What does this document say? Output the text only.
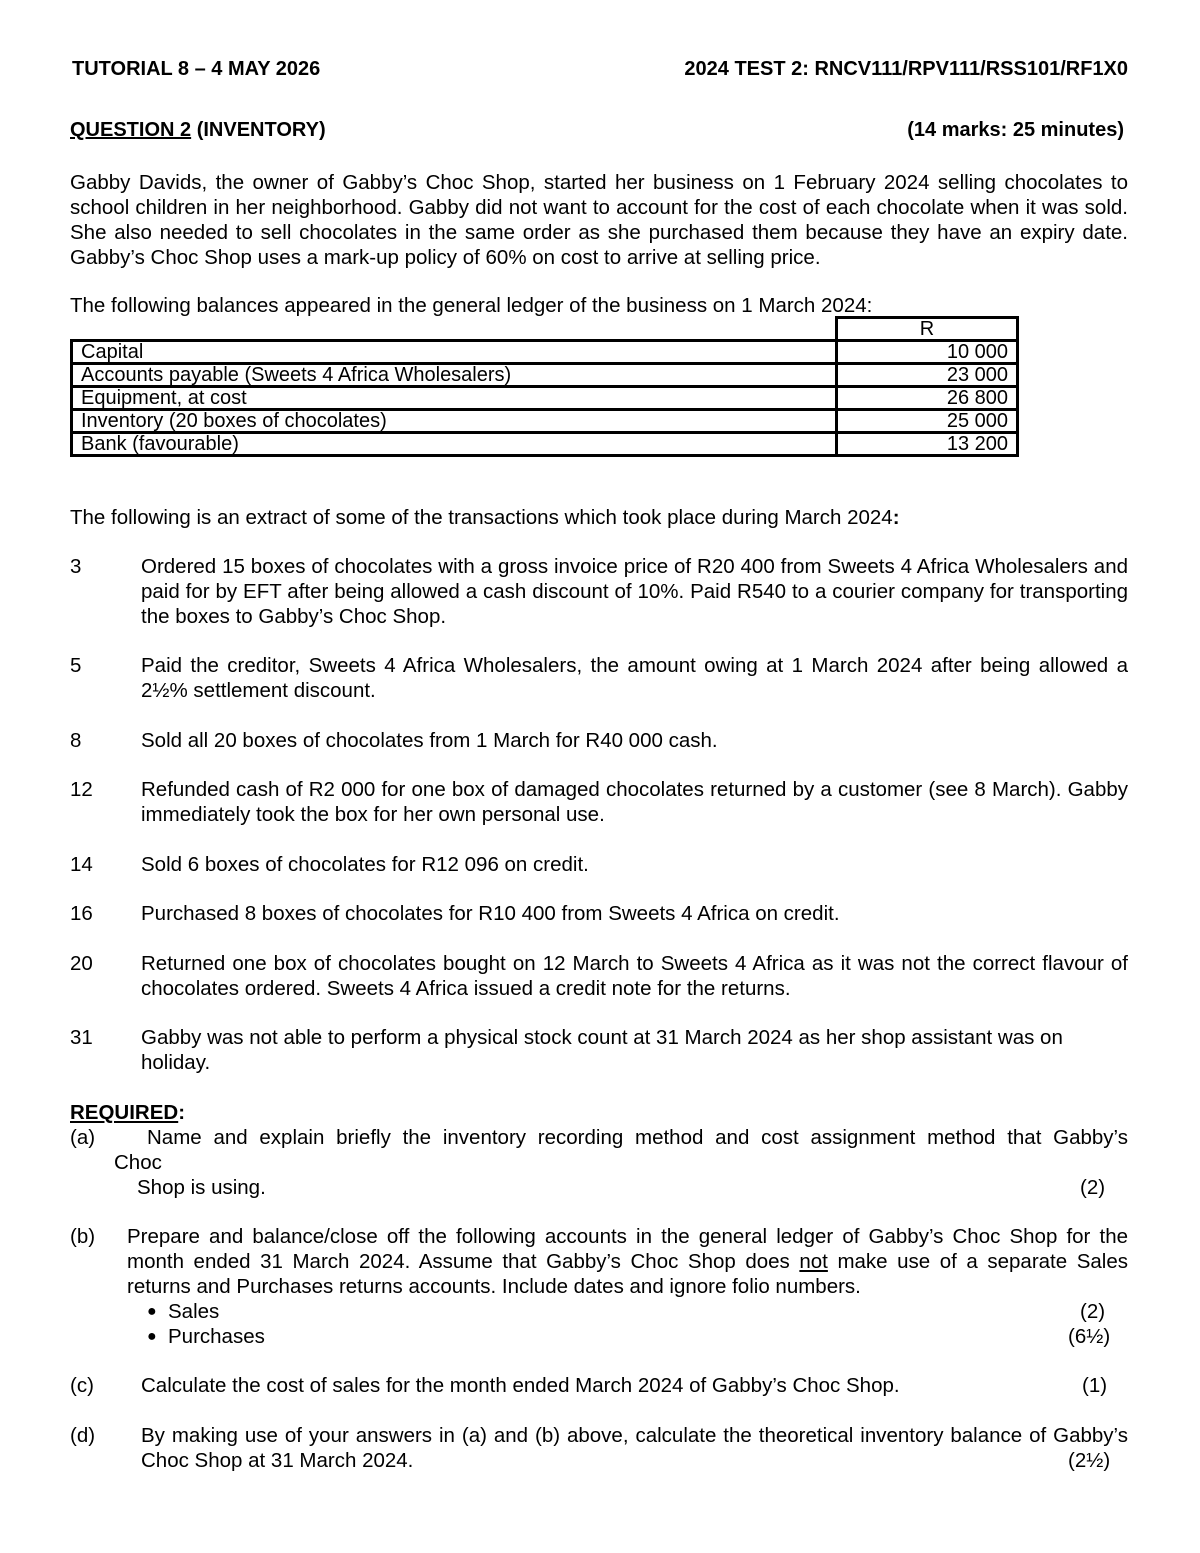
TUTORIAL 8 – 4 MAY 2026	2024 TEST 2: RNCV111/RPV111/RSS101/RF1X0
QUESTION 2 (INVENTORY)	(14 marks: 25 minutes)
Gabby Davids, the owner of Gabby’s Choc Shop, started her business on 1 February 2024 selling chocolates to school children in her neighborhood. Gabby did not want to account for the cost of each chocolate when it was sold. She also needed to sell chocolates in the same order as she purchased them because they have an expiry date. Gabby’s Choc Shop uses a mark-up policy of 60% on cost to arrive at selling price.
The following balances appeared in the general ledger of the business on 1 March 2024:
	R
Capital	10 000
Accounts payable (Sweets 4 Africa Wholesalers)	23 000
Equipment, at cost	26 800
Inventory (20 boxes of chocolates)	25 000
Bank (favourable)	13 200
The following is an extract of some of the transactions which took place during March 2024:
3	Ordered 15 boxes of chocolates with a gross invoice price of R20 400 from Sweets 4 Africa Wholesalers and paid for by EFT after being allowed a cash discount of 10%. Paid R540 to a courier company for transporting the boxes to Gabby’s Choc Shop.
5	Paid the creditor, Sweets 4 Africa Wholesalers, the amount owing at 1 March 2024 after being allowed a 2½% settlement discount.
8	Sold all 20 boxes of chocolates from 1 March for R40 000 cash.
12 Refunded cash of R2 000 for one box of damaged chocolates returned by a customer (see 8 March). Gabby immediately took the box for her own personal use.
14 Sold 6 boxes of chocolates for R12 096 on credit.
16 Purchased 8 boxes of chocolates for R10 400 from Sweets 4 Africa on credit.
20 Returned one box of chocolates bought on 12 March to Sweets 4 Africa as it was not the correct flavour of chocolates ordered. Sweets 4 Africa issued a credit note for the returns.
31 Gabby was not able to perform a physical stock count at 31 March 2024 as her shop assistant was on holiday.
REQUIRED:
(a)	Name and explain briefly the inventory recording method and cost assignment method that Gabby’s
Choc
Shop is using.	(2)
(b) Prepare and balance/close off the following accounts in the general ledger of Gabby’s Choc Shop for the month ended 31 March 2024. Assume that Gabby’s Choc Shop does not make use of a separate Sales returns and Purchases returns accounts. Include dates and ignore folio numbers.
● Sales	(2)
● Purchases	(6½)
(c) Calculate the cost of sales for the month ended March 2024 of Gabby’s Choc Shop.	(1)
(d) By making use of your answers in (a) and (b) above, calculate the theoretical inventory balance of Gabby’s Choc Shop at 31 March 2024.	(2½)
